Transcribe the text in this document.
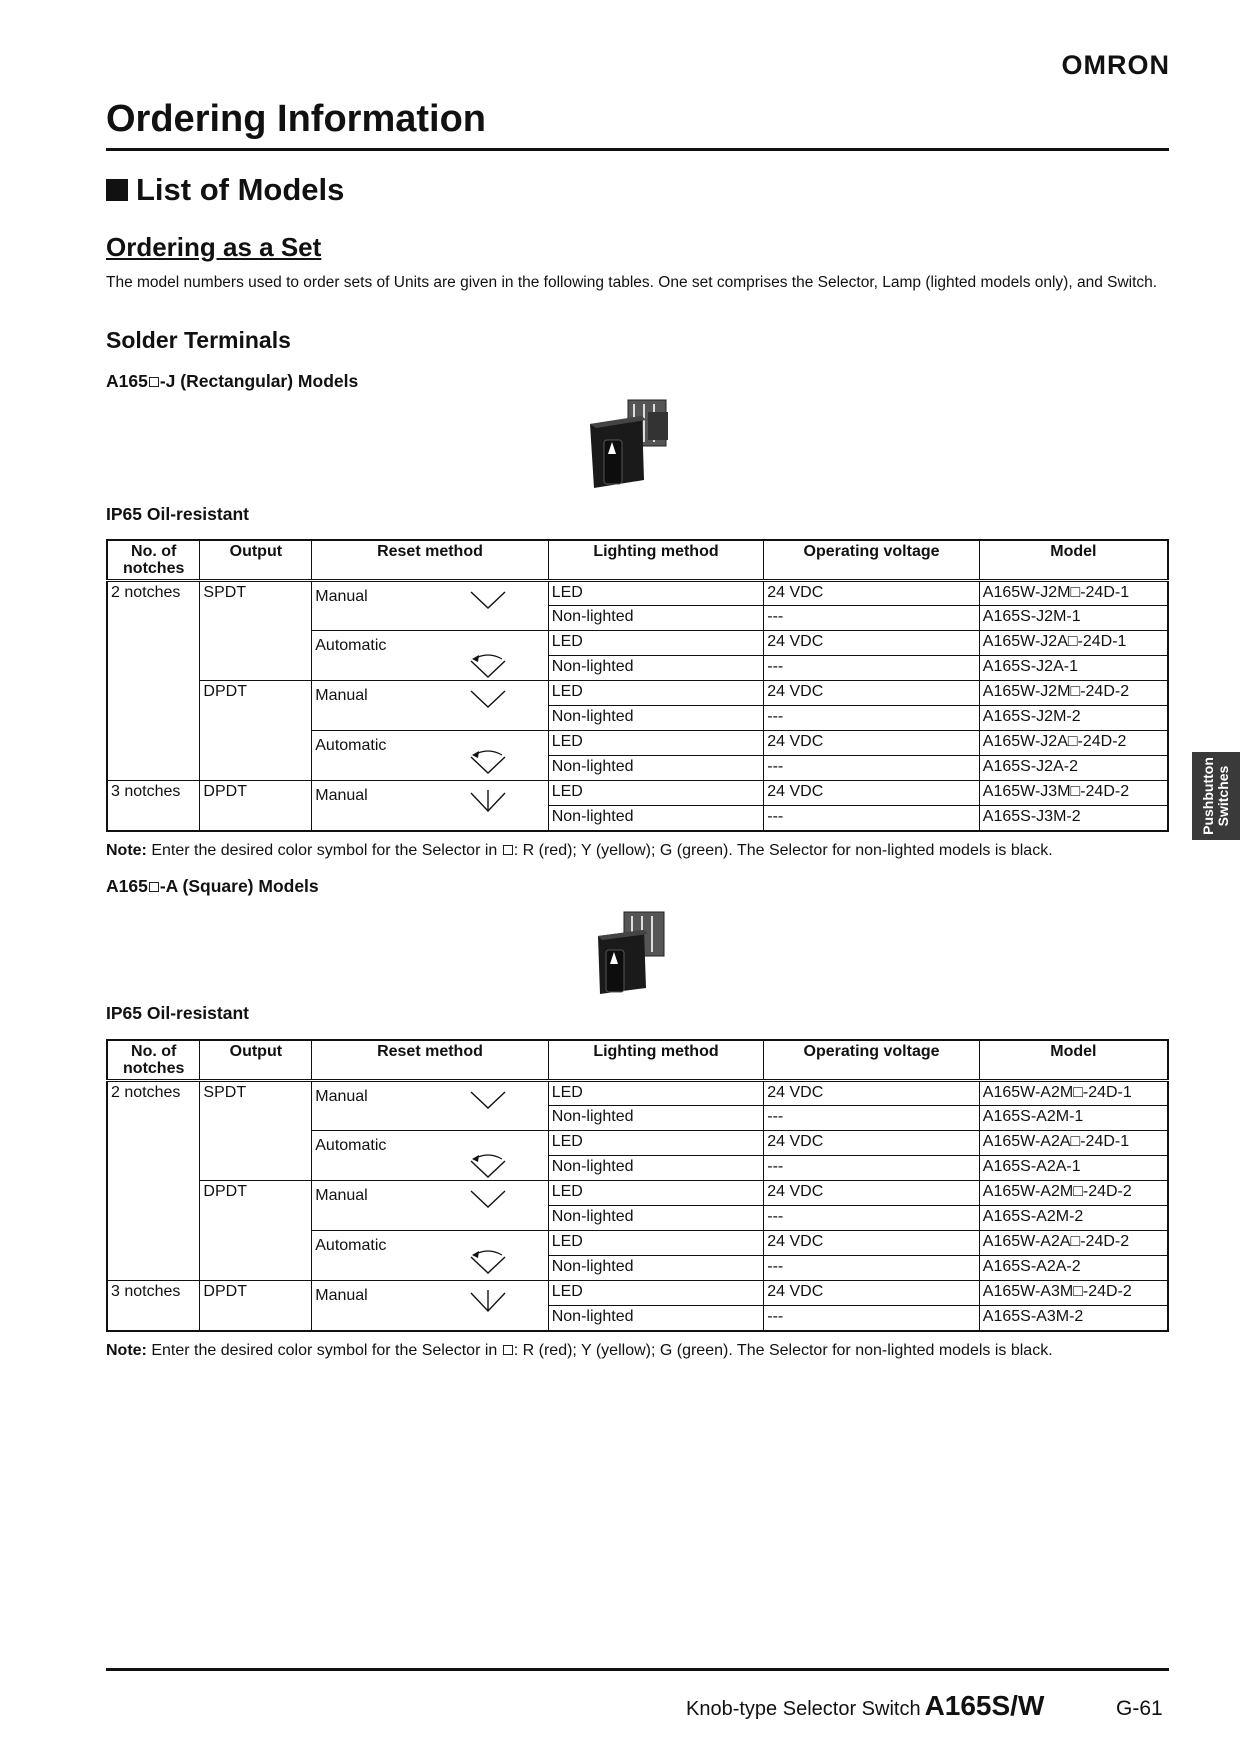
OMRON
Ordering Information
List of Models
Ordering as a Set

The model numbers used to order sets of Units are given in the following tables. One set comprises the Selector, Lamp (lighted models only), and Switch.

Solder Terminals
A165 -J (Rectangular) Models
IP65 Oil-resistant
No. of notches	Output	Reset method	Lighting method	Operating voltage	Model
2 notches	SPDT	Manual	LED	24 VDC	A165W-J2M□-24D-1
			Non-lighted	---	A165S-J2M-1

		Automatic	LED	24 VDC	A165W-J2A□-24D-1
			Non-lighted	---	A165S-J2A-1
	DPDT	Manual	LED	24 VDC	A165W-J2M□-24D-2
			Non-lighted	---	A165S-J2M-2

		Automatic	LED	24 VDC	A165W-J2A□-24D-2
			Non-lighted	---	A165S-J2A-2
3 notches	DPDT	Manual	LED	24 VDC	A165W-J3M□-24D-2
			Non-lighted	---	A165S-J3M-2

Note: Enter the desired color symbol for the Selector in : R (red); Y (yellow); G (green). The Selector for non-lighted models is black.

A165 -A (Square) Models
IP65 Oil-resistant
No. of notches	Output	Reset method	Lighting method	Operating voltage	Model
2 notches	SPDT	Manual	LED	24 VDC	A165W-A2M□-24D-1
			Non-lighted	---	A165S-A2M-1

		Automatic	LED	24 VDC	A165W-A2A□-24D-1
			Non-lighted	---	A165S-A2A-1
	DPDT	Manual	LED	24 VDC	A165W-A2M□-24D-2
			Non-lighted	---	A165S-A2M-2

		Automatic	LED	24 VDC	A165W-A2A□-24D-2
			Non-lighted	---	A165S-A2A-2
3 notches	DPDT	Manual	LED	24 VDC	A165W-A3M□-24D-2
			Non-lighted	---	A165S-A3M-2

Note: Enter the desired color symbol for the Selector in : R (red); Y (yellow); G (green). The Selector for non-lighted models is black.

Pushbutton Switches
Knob-type Selector Switch A165S/W	G-61
